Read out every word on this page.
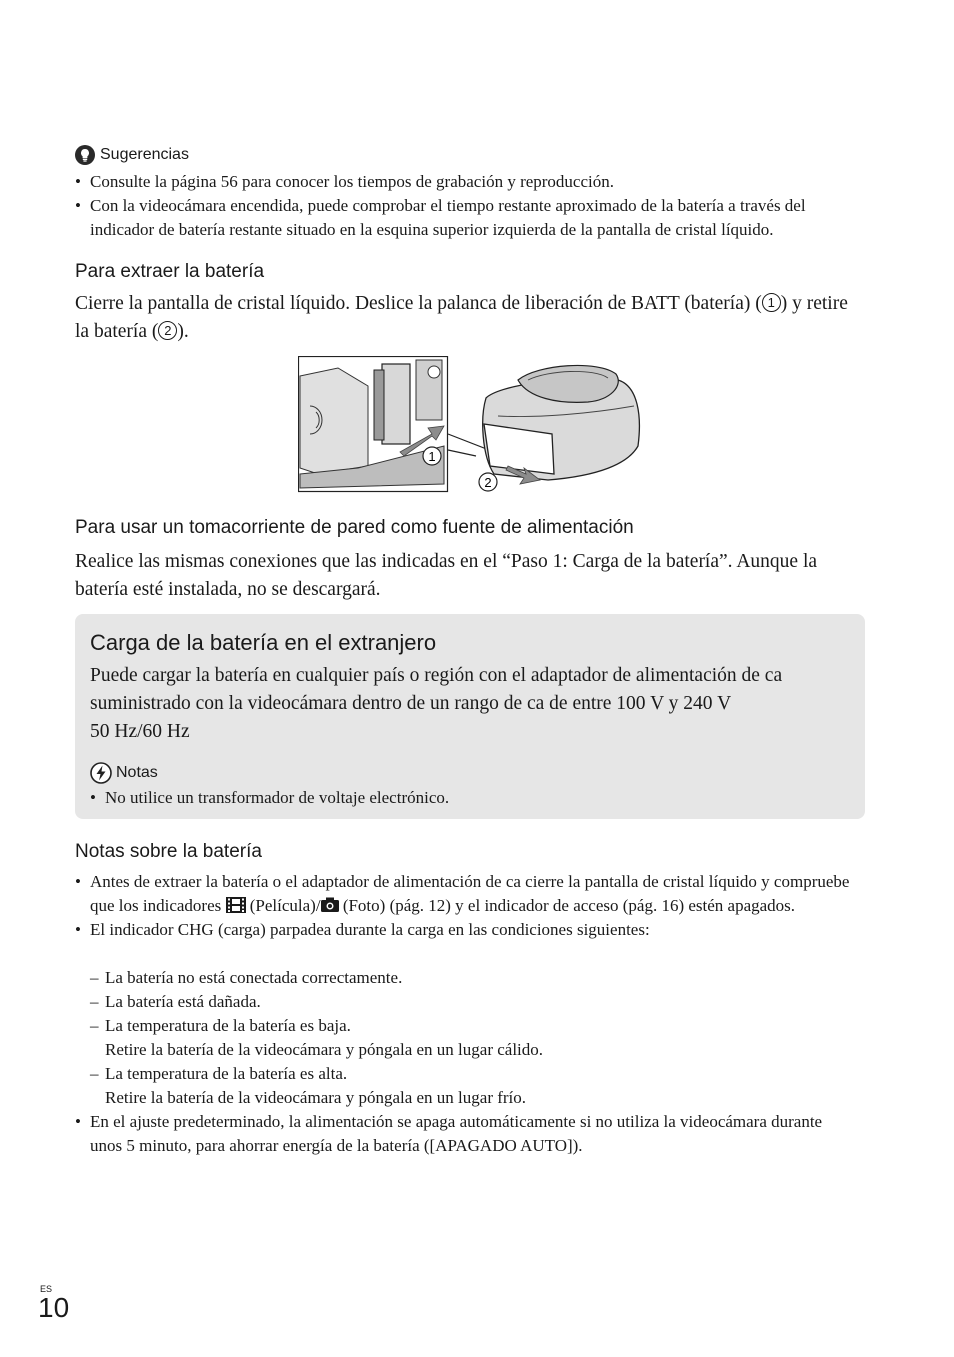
Sugerencias
• Consulte la página 56 para conocer los tiempos de grabación y reproducción.
• Con la videocámara encendida, puede comprobar el tiempo restante aproximado de la batería a través del indicador de batería restante situado en la esquina superior izquierda de la pantalla de cristal líquido.
Para extraer la batería

Cierre la pantalla de cristal líquido. Deslice la palanca de liberación de BATT (batería) ( 1 ) y retire la batería ( 2 ).

1
2
Para usar un tomacorriente de pared como fuente de alimentación

Realice las mismas conexiones que las indicadas en el “Paso 1: Carga de la batería”. Aunque la batería esté instalada, no se descargará.

Carga de la batería en el extranjero

Puede cargar la batería en cualquier país o región con el adaptador de alimentación de ca suministrado con la videocámara dentro de un rango de ca de entre 100 V y 240 V

50 Hz/60 Hz

Notas
• No utilice un transformador de voltaje electrónico.
Notas sobre la batería
• Antes de extraer la batería o el adaptador de alimentación de ca cierre la pantalla de cristal líquido y compruebe que los indicadores (Película)/ (Foto) (pág. 12) y el indicador de acceso (pág. 16) estén apagados.
• El indicador CHG (carga) parpadea durante la carga en las condiciones siguientes:
– La batería no está conectada correctamente.
– La batería está dañada.
– La temperatura de la batería es baja.
Retire la batería de la videocámara y póngala en un lugar cálido.
– La temperatura de la batería es alta.
Retire la batería de la videocámara y póngala en un lugar frío.
• En el ajuste predeterminado, la alimentación se apaga automáticamente si no utiliza la videocámara durante unos 5 minuto, para ahorrar energía de la batería ([APAGADO AUTO]).
ES
10
